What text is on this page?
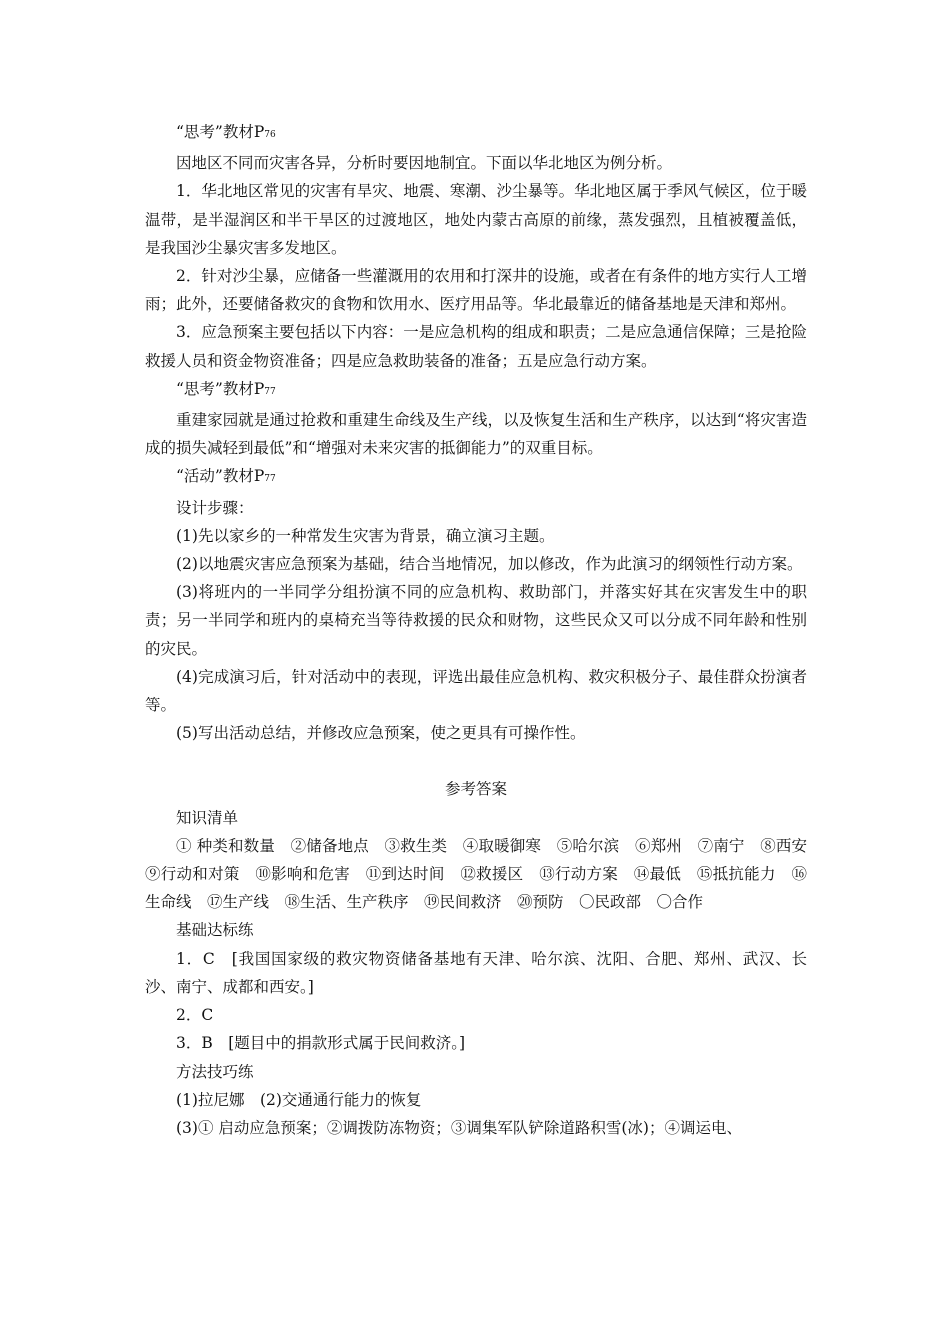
“思考”教材P76

因地区不同而灾害各异，分析时要因地制宜。下面以华北地区为例分析。

1．华北地区常见的灾害有旱灾、地震、寒潮、沙尘暴等。华北地区属于季风气候区，位于暖温带，是半湿润区和半干旱区的过渡地区，地处内蒙古高原的前缘，蒸发强烈，且植被覆盖低，是我国沙尘暴灾害多发地区。

2．针对沙尘暴，应储备一些灌溉用的农用和打深井的设施，或者在有条件的地方实行人工增雨；此外，还要储备救灾的食物和饮用水、医疗用品等。华北最靠近的储备基地是天津和郑州。

3．应急预案主要包括以下内容：一是应急机构的组成和职责；二是应急通信保障；三是抢险救援人员和资金物资准备；四是应急救助装备的准备；五是应急行动方案。

“思考”教材P77

重建家园就是通过抢救和重建生命线及生产线，以及恢复生活和生产秩序，以达到“将灾害造成的损失减轻到最低”和“增强对未来灾害的抵御能力”的双重目标。

“活动”教材P77

设计步骤：

(1)先以家乡的一种常发生灾害为背景，确立演习主题。

(2)以地震灾害应急预案为基础，结合当地情况，加以修改，作为此演习的纲领性行动方案。

(3)将班内的一半同学分组扮演不同的应急机构、救助部门，并落实好其在灾害发生中的职责；另一半同学和班内的桌椅充当等待救援的民众和财物，这些民众又可以分成不同年龄和性别的灾民。

(4)完成演习后，针对活动中的表现，评选出最佳应急机构、救灾积极分子、最佳群众扮演者等。

(5)写出活动总结，并修改应急预案，使之更具有可操作性。

参考答案

知识清单

① 种类和数量　②储备地点　③救生类　④取暖御寒　⑤哈尔滨　⑥郑州　⑦南宁　⑧西安　⑨行动和对策　⑩影响和危害　⑪到达时间　⑫救援区　⑬行动方案　⑭最低　⑮抵抗能力　⑯生命线　⑰生产线　⑱生活、生产秩序　⑲民间救济　⑳预防　〇民政部　〇合作

基础达标练

1．C　[我国国家级的救灾物资储备基地有天津、哈尔滨、沈阳、合肥、郑州、武汉、长沙、南宁、成都和西安。]

2．C

3．B　[题目中的捐款形式属于民间救济。]

方法技巧练

(1)拉尼娜　(2)交通通行能力的恢复

(3)① 启动应急预案；②调拨防冻物资；③调集军队铲除道路积雪(冰)；④调运电、
